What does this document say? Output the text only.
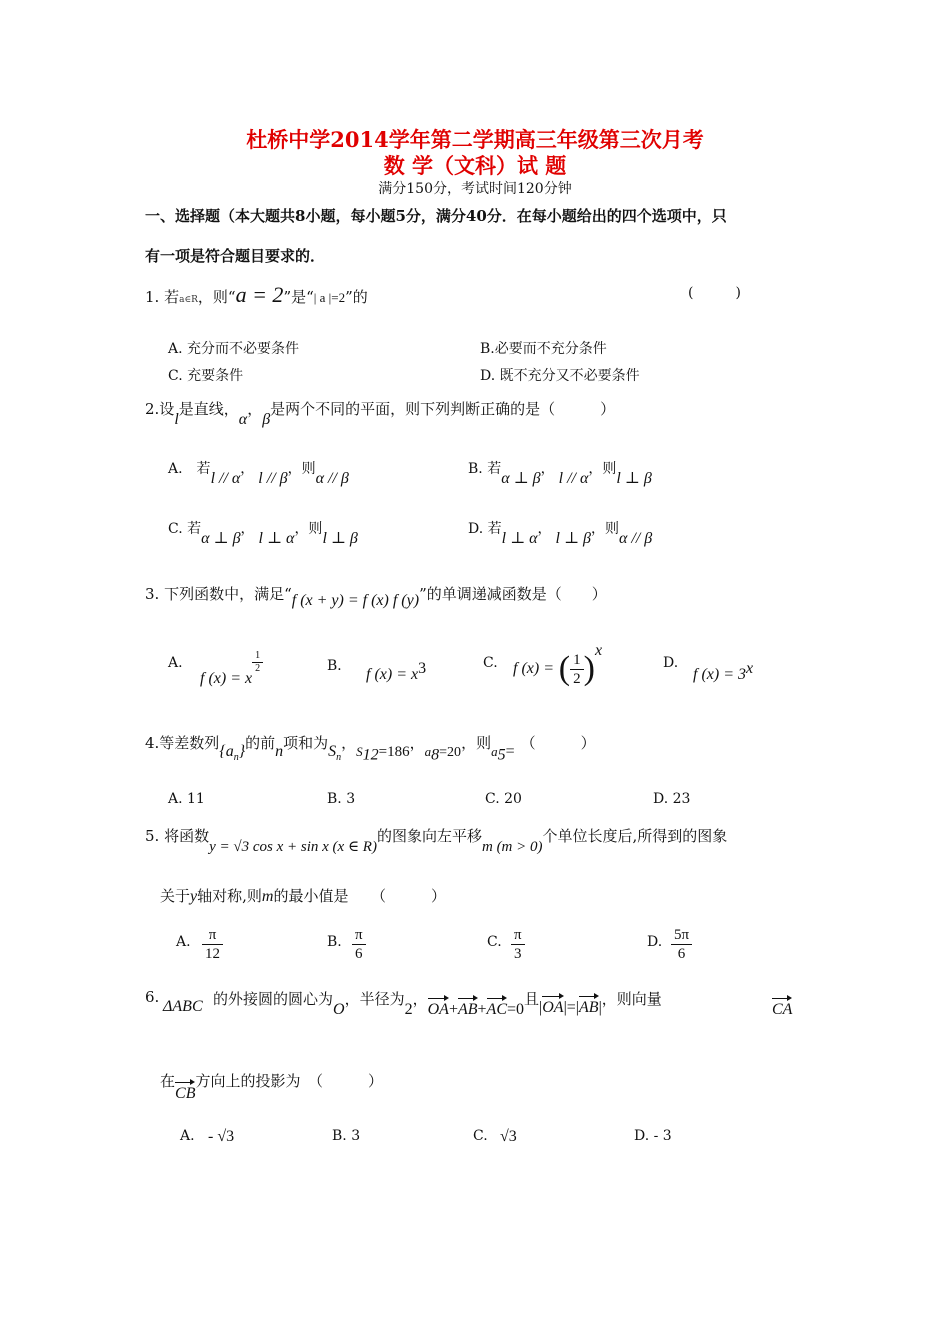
杜桥中学2014学年第二学期高三年级第三次月考
数 学（文科）试 题
满分150分，考试时间120分钟
一、选择题（本大题共8小题，每小题5分，满分40分．在每小题给出的四个选项中，只
有一项是符合题目要求的．
1. 若a∈R，则“a = 2”是“| a |=2”的	(　　　)
A. 充分而不必要条件	B.必要而不充分条件
C. 充要条件	D. 既不充分又不必要条件
2.设l是直线，α，β是两个不同的平面，则下列判断正确的是（　　　）
A.　若l // α，l // β，则α // β
B. 若α ⊥ β，l // α，则l ⊥ β
C. 若α ⊥ β，l ⊥ α，则l ⊥ β
D. 若l ⊥ α，l ⊥ β，则α // β
3. 下列函数中，满足“f (x + y) = f (x) f (y)”的单调递减函数是（　　）
A.
f (x) = x
$\frac{1}{2}$	B． f $(x) = x^3$	C. f (x) = ( $\frac{1}{2} )^x$
D.
f $(x) = 3^x$
4.等差数列$\{a_n\}$的前n项和为$S_n$，$S_{12}=186$，$a_8=20$，则$a_5=$ （　　　）
A. 11	B. 3	C. 20	D. 23
5. 将函数y = √3 cos x + sin x (x ∈ R)的图象向左平移m (m > 0)个单位长度后,所得到的图象
关于y轴对称,则m的最小值是　　（　　　）
A. $\frac{\pi}{12}$	B. $\frac{\pi}{6}$	C. $\frac{\pi}{3}$	D. $\frac{5\pi}{6}$
6.
ΔABC 的外接圆的圆心为O，半径为2，OA+AB+AC=0且|OA|=|AB|，则向量
CA
在CB方向上的投影为　（　　　）
A. - √3	B. 3	C. √3	D. - 3
